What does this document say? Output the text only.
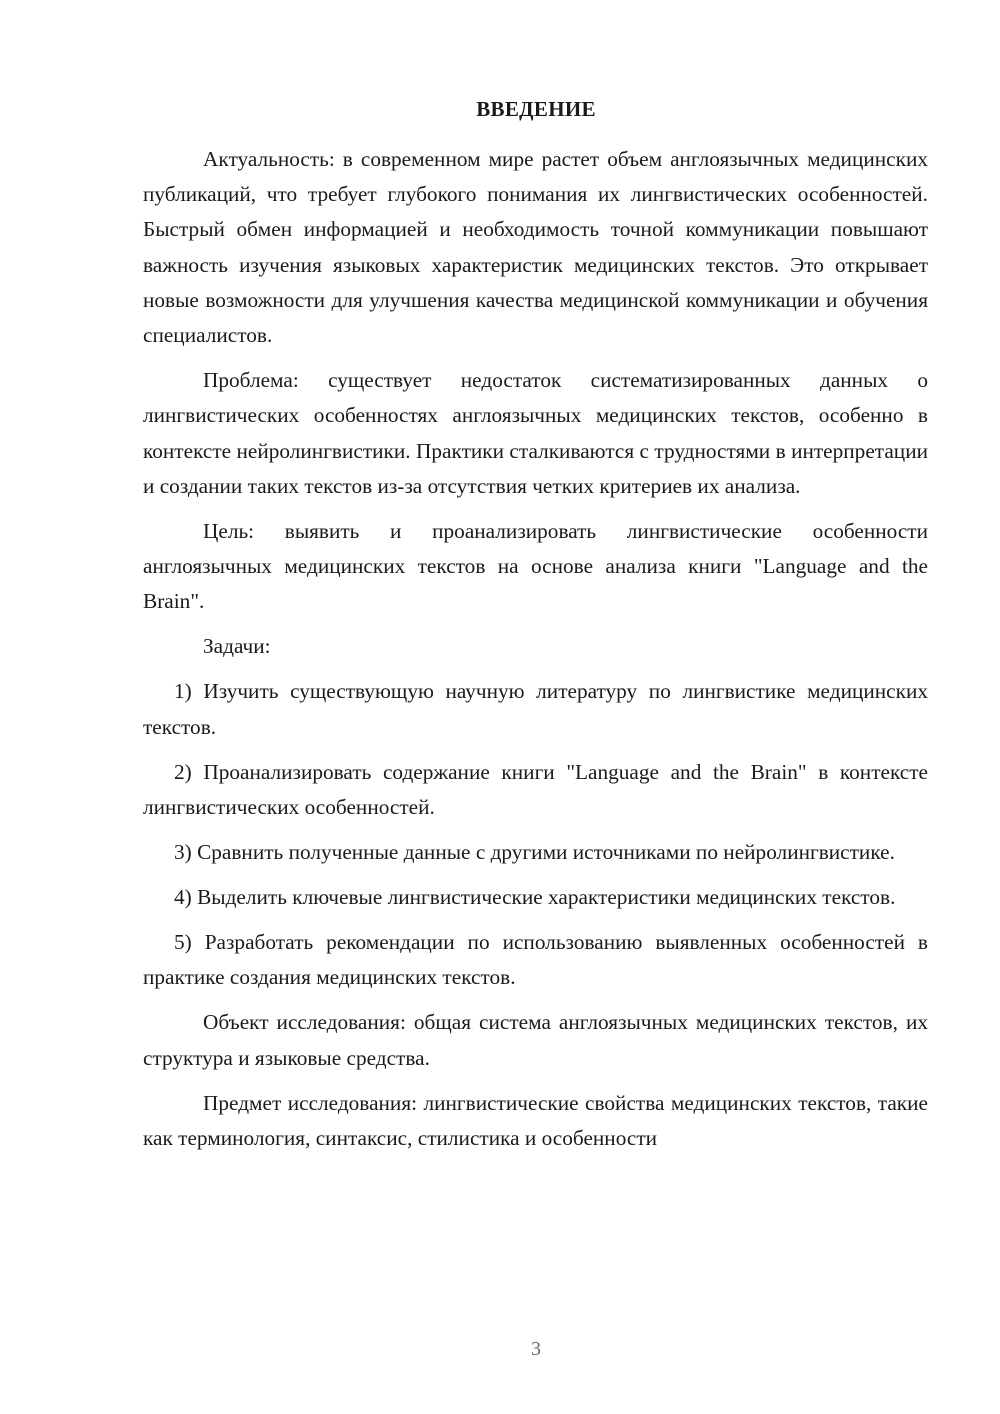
ВВЕДЕНИЕ

Актуальность: в современном мире растет объем англоязычных медицинских публикаций, что требует глубокого понимания их лингвистических особенностей. Быстрый обмен информацией и необходимость точной коммуникации повышают важность изучения языковых характеристик медицинских текстов. Это открывает новые возможности для улучшения качества медицинской коммуникации и обучения специалистов.

Проблема: существует недостаток систематизированных данных о лингвистических особенностях англоязычных медицинских текстов, особенно в контексте нейролингвистики. Практики сталкиваются с трудностями в интерпретации и создании таких текстов из-за отсутствия четких критериев их анализа.

Цель: выявить и проанализировать лингвистические особенности англоязычных медицинских текстов на основе анализа книги "Language and the Brain".

Задачи:

1) Изучить существующую научную литературу по лингвистике медицинских текстов.

2) Проанализировать содержание книги "Language and the Brain" в контексте лингвистических особенностей.

3) Сравнить полученные данные с другими источниками по нейролингвистике.

4) Выделить ключевые лингвистические характеристики медицинских текстов.

5) Разработать рекомендации по использованию выявленных особенностей в практике создания медицинских текстов.

Объект исследования: общая система англоязычных медицинских текстов, их структура и языковые средства.

Предмет исследования: лингвистические свойства медицинских текстов, такие как терминология, синтаксис, стилистика и особенности

3
